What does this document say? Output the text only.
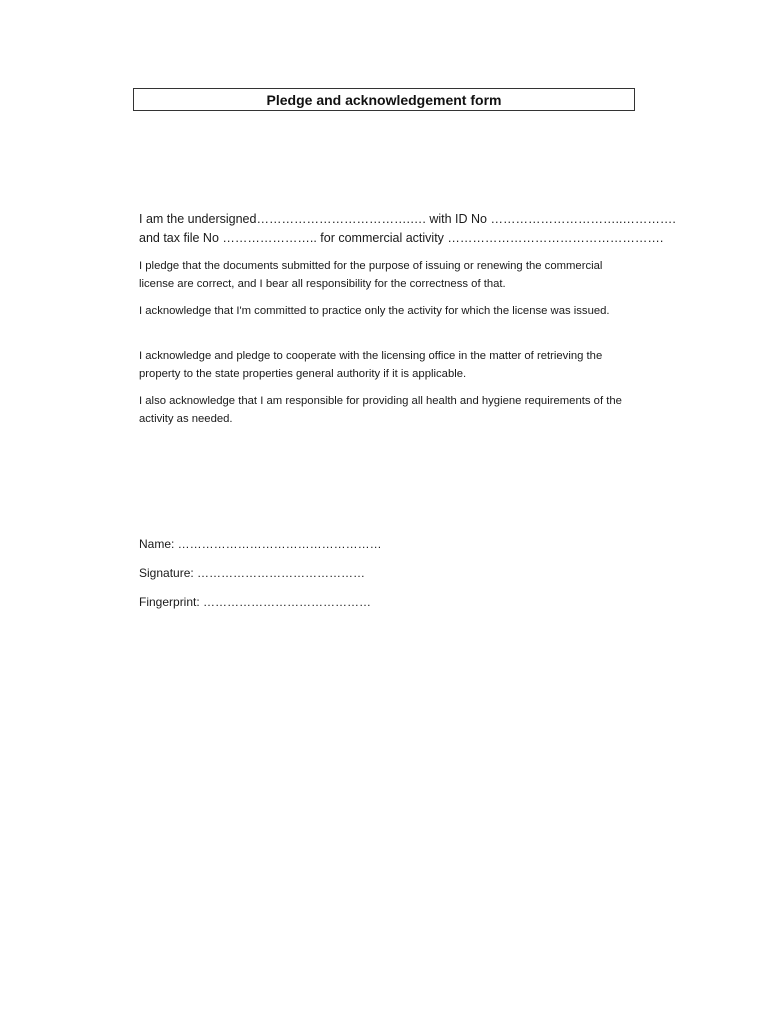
Pledge and acknowledgement form

I am the undersigned……………………………….…. with ID No …………………………..………….

and tax file No ………………….. for commercial activity …………………………………………….

I pledge that the documents submitted for the purpose of issuing or renewing the commercial license are correct, and I bear all responsibility for the correctness of that.

I acknowledge that I'm committed to practice only the activity for which the license was issued.

I acknowledge and pledge to cooperate with the licensing office in the matter of retrieving the property to the state properties general authority if it is applicable.

I also acknowledge that I am responsible for providing all health and hygiene requirements of the activity as needed.

Name: ……………………………………………

Signature: ……………………………………

Fingerprint: ……………………………………
